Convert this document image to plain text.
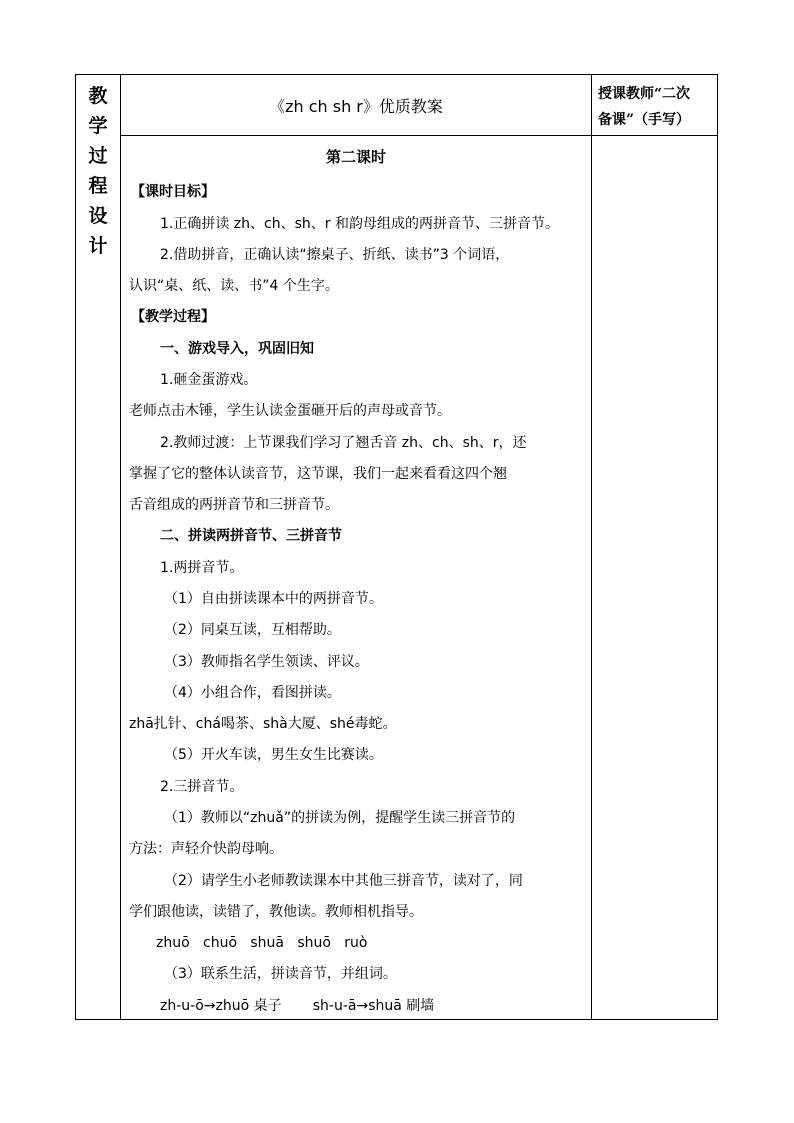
教
学
过
程
设
计
《zh ch sh r》优质教案
授课教师“二次
备课”（手写）
第二课时
【课时目标】
1.正确拼读 zh、ch、sh、r 和韵母组成的两拼音节、三拼音节。
2.借助拼音，正确认读“擦桌子、折纸、读书”3 个词语，
认识“桌、纸、读、书”4 个生字。
【教学过程】
一、游戏导入，巩固旧知
1.砸金蛋游戏。
老师点击木锤，学生认读金蛋砸开后的声母或音节。
2.教师过渡：上节课我们学习了翘舌音 zh、ch、sh、r，还
掌握了它的整体认读音节，这节课，我们一起来看看这四个翘
舌音组成的两拼音节和三拼音节。
二、拼读两拼音节、三拼音节
1.两拼音节。
（1）自由拼读课本中的两拼音节。
（2）同桌互读，互相帮助。
（3）教师指名学生领读、评议。
（4）小组合作，看图拼读。
zhā扎针、chá喝茶、shà大厦、shé毒蛇。
（5）开火车读，男生女生比赛读。
2.三拼音节。
（1）教师以“zhuǎ”的拼读为例，提醒学生读三拼音节的
方法：声轻介快韵母响。
（2）请学生小老师教读课本中其他三拼音节，读对了，同
学们跟他读，读错了，教他读。教师相机指导。
zhuō   chuō   shuā   shuō   ruò
（3）联系生活，拼读音节，并组词。
zh-u-ō→zhuō 桌子       sh-u-ā→shuā 刷墙
